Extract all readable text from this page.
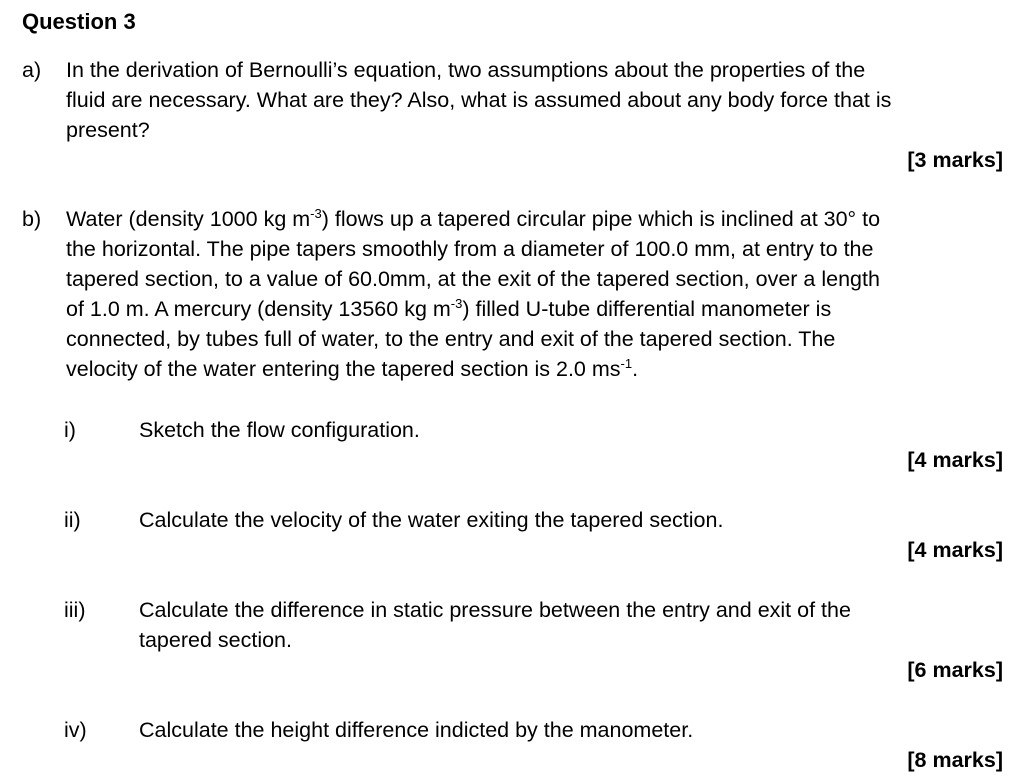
Question 3
a) In the derivation of Bernoulli’s equation, two assumptions about the properties of the
fluid are necessary. What are they? Also, what is assumed about any body force that is
present?
[3 marks]
b) Water (density 1000 kg $m^{-3}$) flows up a tapered circular pipe which is inclined at 30° to
the horizontal. The pipe tapers smoothly from a diameter of 100.0 mm, at entry to the
tapered section, to a value of 60.0mm, at the exit of the tapered section, over a length
of 1.0 m. A mercury (density 13560 kg $m^{-3}$) filled U-tube differential manometer is
connected, by tubes full of water, to the entry and exit of the tapered section. The
velocity of the water entering the tapered section is 2.0 $ms^{-1}$.
i)	Sketch the flow configuration.
[4 marks]
ii)	Calculate the velocity of the water exiting the tapered section.
[4 marks]
iii) Calculate the difference in static pressure between the entry and exit of the
tapered section.
[6 marks]
iv) Calculate the height difference indicted by the manometer.
[8 marks]
